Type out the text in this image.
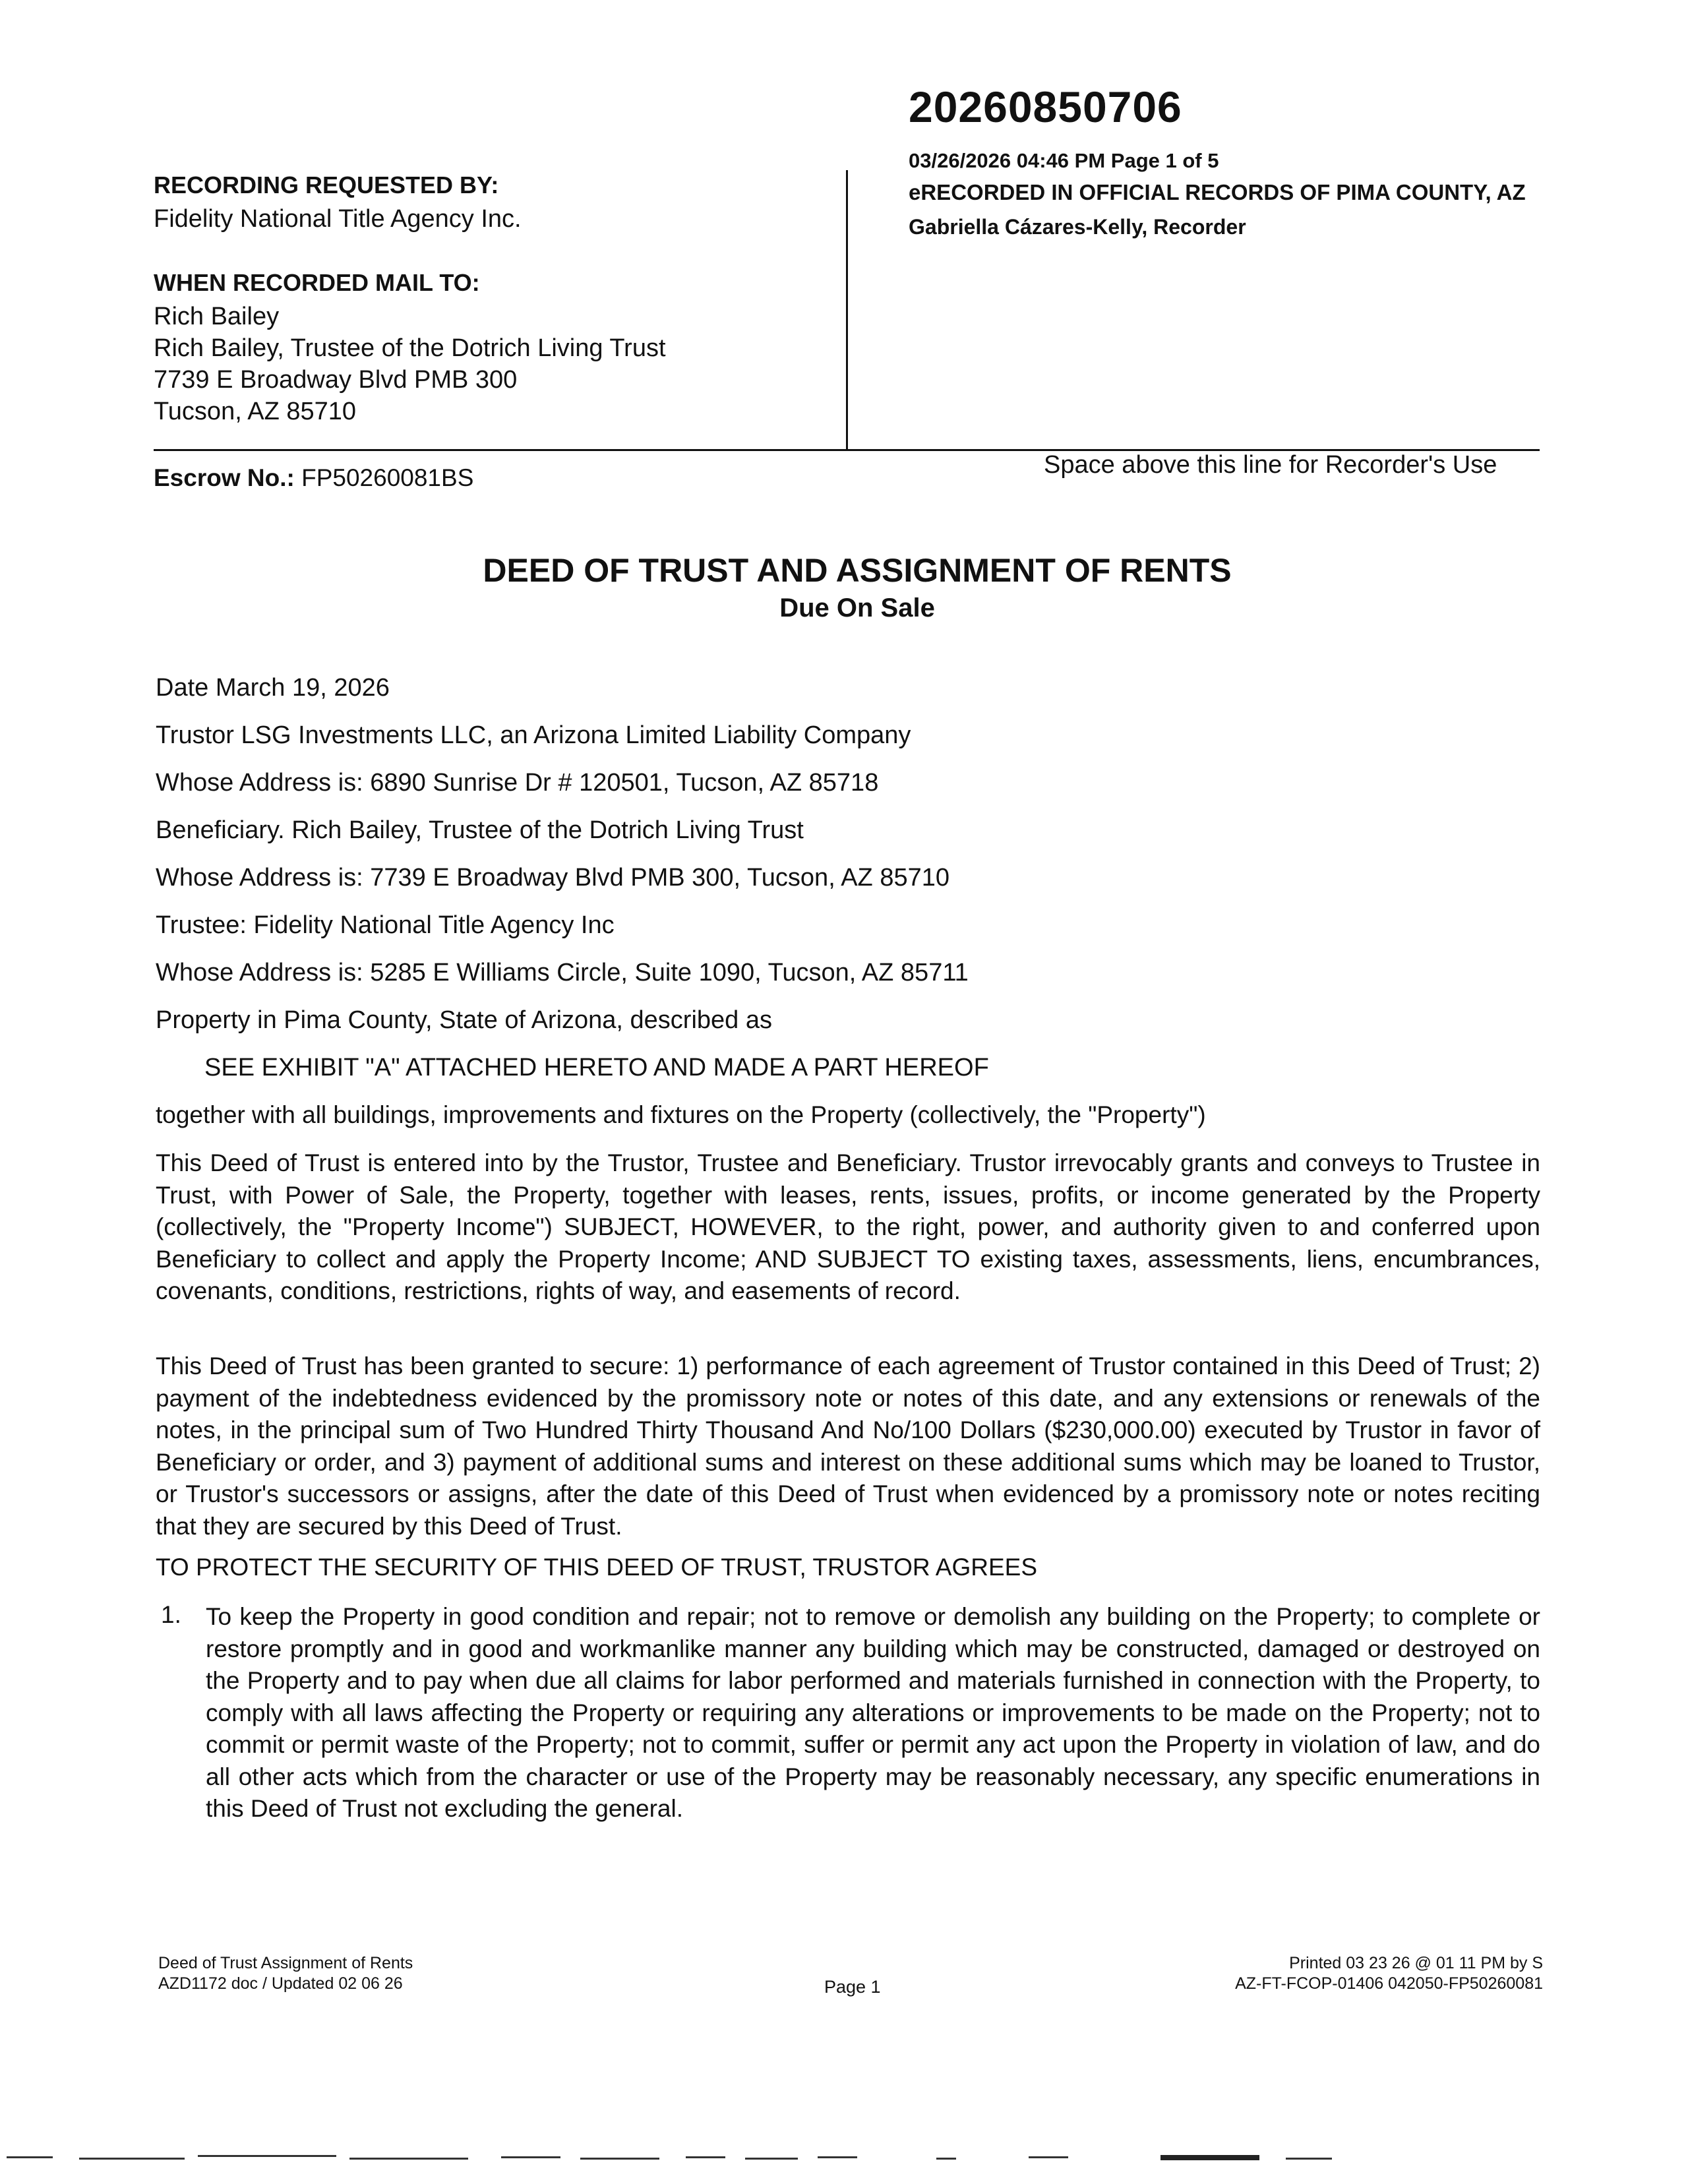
20260850706
03/26/2026 04:46 PM Page 1 of 5
eRECORDED IN OFFICIAL RECORDS OF PIMA COUNTY, AZ
Gabriella Cázares-Kelly, Recorder
RECORDING REQUESTED BY:
Fidelity National Title Agency Inc.
WHEN RECORDED MAIL TO:
Rich Bailey
Rich Bailey, Trustee of the Dotrich Living Trust
7739 E Broadway Blvd PMB 300
Tucson, AZ 85710
Escrow No.: FP50260081BS	Space above this line for Recorder's Use
DEED OF TRUST AND ASSIGNMENT OF RENTS
Due On Sale
Date March 19, 2026
Trustor LSG Investments LLC, an Arizona Limited Liability Company
Whose Address is: 6890 Sunrise Dr # 120501, Tucson, AZ 85718
Beneficiary. Rich Bailey, Trustee of the Dotrich Living Trust
Whose Address is: 7739 E Broadway Blvd PMB 300, Tucson, AZ 85710
Trustee: Fidelity National Title Agency Inc
Whose Address is: 5285 E Williams Circle, Suite 1090, Tucson, AZ 85711
Property in Pima County, State of Arizona, described as
SEE EXHIBIT "A" ATTACHED HERETO AND MADE A PART HEREOF
together with all buildings, improvements and fixtures on the Property (collectively, the "Property")
This Deed of Trust is entered into by the Trustor, Trustee and Beneficiary. Trustor irrevocably grants and conveys to Trustee in Trust, with Power of Sale, the Property, together with leases, rents, issues, profits, or income generated by the Property (collectively, the "Property Income") SUBJECT, HOWEVER, to the right, power, and authority given to and conferred upon Beneficiary to collect and apply the Property Income; AND SUBJECT TO existing taxes, assessments, liens, encumbrances, covenants, conditions, restrictions, rights of way, and easements of record.
This Deed of Trust has been granted to secure: 1) performance of each agreement of Trustor contained in this Deed of Trust; 2) payment of the indebtedness evidenced by the promissory note or notes of this date, and any extensions or renewals of the notes, in the principal sum of Two Hundred Thirty Thousand And No/100 Dollars ($230,000.00) executed by Trustor in favor of Beneficiary or order, and 3) payment of additional sums and interest on these additional sums which may be loaned to Trustor, or Trustor's successors or assigns, after the date of this Deed of Trust when evidenced by a promissory note or notes reciting that they are secured by this Deed of Trust.
TO PROTECT THE SECURITY OF THIS DEED OF TRUST, TRUSTOR AGREES
1. To keep the Property in good condition and repair; not to remove or demolish any building on the Property; to complete or restore promptly and in good and workmanlike manner any building which may be constructed, damaged or destroyed on the Property and to pay when due all claims for labor performed and materials furnished in connection with the Property, to comply with all laws affecting the Property or requiring any alterations or improvements to be made on the Property; not to commit or permit waste of the Property; not to commit, suffer or permit any act upon the Property in violation of law, and do all other acts which from the character or use of the Property may be reasonably necessary, any specific enumerations in this Deed of Trust not excluding the general.
Deed of Trust Assignment of Rents
AZD1172 doc / Updated 02 06 26	Page 1
Printed 03 23 26 @ 01 11 PM by S
AZ-FT-FCOP-01406 042050-FP50260081
